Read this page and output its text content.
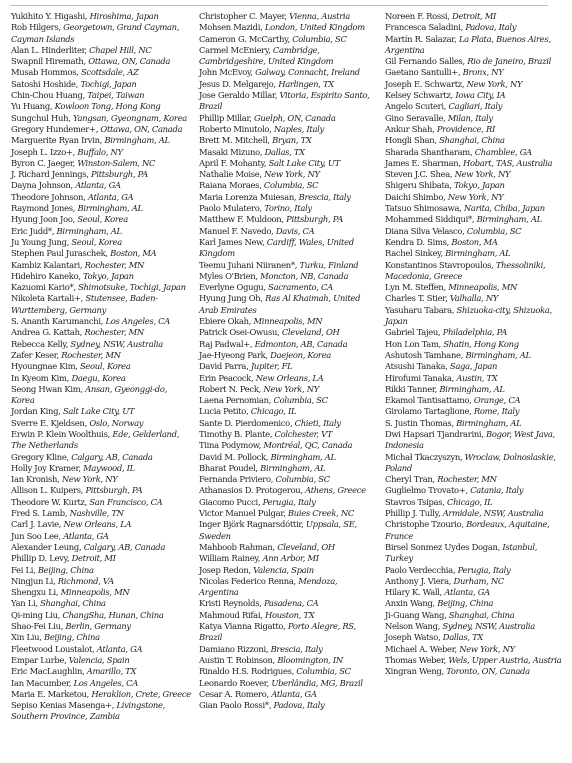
Yukihito Y. Higashi, Hiroshima, Japan
Rob Hilgers, Georgetown, Grand Cayman, Cayman Islands
Alan L. Hinderliter, Chapel Hill, NC
Swapnil Hiremath, Ottawa, ON, Canada
Musab Hommos, Scottsdale, AZ
Satoshi Hoshide, Tochigi, Japan
Chin-Chou Huang, Taipei, Taiwan
Yu Huang, Kowloon Tong, Hong Kong
Sungchul Huh, Yangsan, Gyeongnam, Korea
Gregory Hundemer+, Ottawa, ON, Canada
Marguerite Ryan Irvin, Birmingham, AL
Joseph L. Izzo+, Buffalo, NY
Byron C. Jaeger, Winston-Salem, NC
J. Richard Jennings, Pittsburgh, PA
Dayna Johnson, Atlanta, GA
Theodore Johnson, Atlanta, GA
Raymond Jones, Birmingham, AL
Hyung Joon Joo, Seoul, Korea
Eric Judd*, Birmingham, AL
Ju Young Jung, Seoul, Korea
Stephen Paul Juraschek, Boston, MA
Kambiz Kalantari, Rochester, MN
Hidehiro Kaneko, Tokyo, Japan
Kazuomi Kario*, Shimotsuke, Tochigi, Japan
Nikoleta Kartali+, Stutensee, Baden-Wurttemberg, Germany
S. Ananth Karumanchi, Los Angeles, CA
Andrea G. Kattah, Rochester, MN
Rebecca Kelly, Sydney, NSW, Australia
Zafer Keser, Rochester, MN
Hyoungnae Kim, Seoul, Korea
In Kyeom Kim, Daegu, Korea
Seong Hwan Kim, Ansan, Gyeonggi-do, Korea
Jordan King, Salt Lake City, UT
Sverre E. Kjeldsen, Oslo, Norway
Erwin P. Klein Woolthuis, Ede, Gelderland, The Netherlands
Gregory Kline, Calgary, AB, Canada
Holly Joy Kramer, Maywood, IL
Ian Kronish, New York, NY
Allison L. Kuipers, Pittsburgh, PA
Theodore W. Kurtz, San Francisco, CA
Fred S. Lamb, Nashville, TN
Carl J. Lavie, New Orleans, LA
Jun Soo Lee, Atlanta, GA
Alexander Leung, Calgary, AB, Canada
Phillip D. Levy, Detroit, MI
Fei Li, Beijing, China
Ningjun Li, Richmond, VA
Shengxu Li, Minneapolis, MN
Yan Li, Shanghai, China
Qi-ming Liu, ChangSha, Hunan, China
Shao-Fei Liu, Berlin, Germany
Xin Liu, Beijing, China
Fleetwood Loustalot, Atlanta, GA
Empar Lurbe, Valencia, Spain
Eric MacLaughlin, Amarillo, TX
Ian Macumber, Los Angeles, CA
Maria E. Marketou, Heraklion, Crete, Greece
Sepiso Kenias Masenga+, Livingstone, Southern Province, Zambia
Christopher C. Mayer, Vienna, Austria
Mohsen Mazidi, London, United Kingdom
Cameron G. McCarthy, Columbia, SC
Carmel McEniery, Cambridge, Cambridgeshire, United Kingdom
John McEvoy, Galway, Connacht, Ireland
Jesus D. Melgarejo, Harlingen, TX
Jose Geraldo Millar, Vitoria, Espirito Santo, Brazil
Phillip Millar, Guelph, ON, Canada
Roberto Minutolo, Naples, Italy
Brett M. Mitchell, Bryan, TX
Masaki Mizuno, Dallas, TX
April F. Mohanty, Salt Lake City, UT
Nathalie Moise, New York, NY
Raiana Moraes, Columbia, SC
Maria Lorenza Muiesan, Brescia, Italy
Paolo Mulatero, Torino, Italy
Matthew F. Muldoon, Pittsburgh, PA
Manuel F. Navedo, Davis, CA
Karl James New, Cardiff, Wales, United Kingdom
Teemu Juhani Niiranen*, Turku, Finland
Myles O'Brien, Moncton, NB, Canada
Everlyne Ogugu, Sacramento, CA
Hyung Jung Oh, Ras Al Khaimah, United Arab Emirates
Ebiere Okah, Minneapolis, MN
Patrick Osei-Owusu, Cleveland, OH
Raj Padwal+, Edmonton, AB, Canada
Jae-Hyeong Park, Daejeon, Korea
David Parra, Jupiter, FL
Erin Peacock, New Orleans, LA
Robert N. Peck, New York, NY
Laena Pernomian, Columbia, SC
Lucia Petito, Chicago, IL
Sante D. Pierdomenico, Chieti, Italy
Timothy B. Plante, Colchester, VT
Tiina Podymow, Montréal, QC, Canada
David M. Pollock, Birmingham, AL
Bharat Poudel, Birmingham, AL
Fernanda Priviero, Columbia, SC
Athanasios D. Protogerou, Athens, Greece
Giacomo Pucci, Perugia, Italy
Victor Manuel Pulgar, Buies Creek, NC
Inger Björk Ragnarsdóttir, Uppsala, SE, Sweden
Mahboob Rahman, Cleveland, OH
William Rainey, Ann Arbor, MI
Josep Redon, Valencia, Spain
Nicolas Federico Renna, Mendoza, Argentina
Kristi Reynolds, Pasadena, CA
Mahmoud Rifai, Houston, TX
Katya Vianna Rigatto, Porto Alegre, RS, Brazil
Damiano Rizzoni, Brescia, Italy
Austin T. Robinson, Bloomington, IN
Rinaldo H.S. Rodrigues, Columbia, SC
Leonardo Roever, Uberlândia, MG, Brazil
Cesar A. Romero, Atlanta, GA
Gian Paolo Rossi*, Padova, Italy
Noreen F. Rossi, Detroit, MI
Francesca Saladini, Padova, Italy
Martín R. Salazar, La Plata, Buenos Aires, Argentina
Gil Fernando Salles, Rio de Janeiro, Brazil
Gaetano Santulli+, Bronx, NY
Joseph E. Schwartz, New York, NY
Kelsey Schwartz, Iowa City, IA
Angelo Scuteri, Cagliari, Italy
Gino Seravalle, Milan, Italy
Ankur Shah, Providence, RI
Hongli Shan, Shanghai, China
Sharada Shantharam, Chamblee, GA
James E. Sharman, Hobart, TAS, Australia
Steven J.C. Shea, New York, NY
Shigeru Shibata, Tokyo, Japan
Daichi Shimbo, New York, NY
Tatsuo Shimosawa, Narita, Chiba, Japan
Mohammed Siddiqui*, Birmingham, AL
Diana Silva Velasco, Columbia, SC
Kendra D. Sims, Boston, MA
Rachel Sinkey, Birmingham, AL
Konstantinos Stavropoulos, Thessoliniki, Macedonia, Greece
Lyn M. Steffen, Minneapolis, MN
Charles T. Stier, Valhalla, NY
Yasuharu Tabara, Shizuoka-city, Shizuoka, Japan
Gabriel Tajeu, Philadelphia, PA
Hon Lon Tam, Shatin, Hong Kong
Ashutosh Tamhane, Birmingham, AL
Atsushi Tanaka, Saga, Japan
Hirofumi Tanaka, Austin, TX
Rikki Tanner, Birmingham, AL
Ekamol Tantisattamo, Orange, CA
Girolamo Tartaglione, Rome, Italy
S. Justin Thomas, Birmingham, AL
Dwi Hapsari Tjandrarini, Bogor, West Java, Indonesia
Michał Tkaczyszyn, Wroclaw, Dolnoslaskie, Poland
Cheryl Tran, Rochester, MN
Guglielmo Trovato+, Catania, Italy
Stavros Tsipas, Chicago, IL
Phillip J. Tully, Armidale, NSW, Australia
Christophe Tzourio, Bordeaux, Aquitaine, France
Birsel Sonmez Uydes Dogan, Istanbul, Turkey
Paolo Verdecchia, Perugia, Italy
Anthony J. Viera, Durham, NC
Hilary K. Wall, Atlanta, GA
Anxin Wang, Beijing, China
Ji-Guang Wang, Shanghai, China
Nelson Wang, Sydney, NSW, Australia
Joseph Watso, Dallas, TX
Michael A. Weber, New York, NY
Thomas Weber, Wels, Upper Austria, Austria
Xingran Weng, Toronto, ON, Canada
